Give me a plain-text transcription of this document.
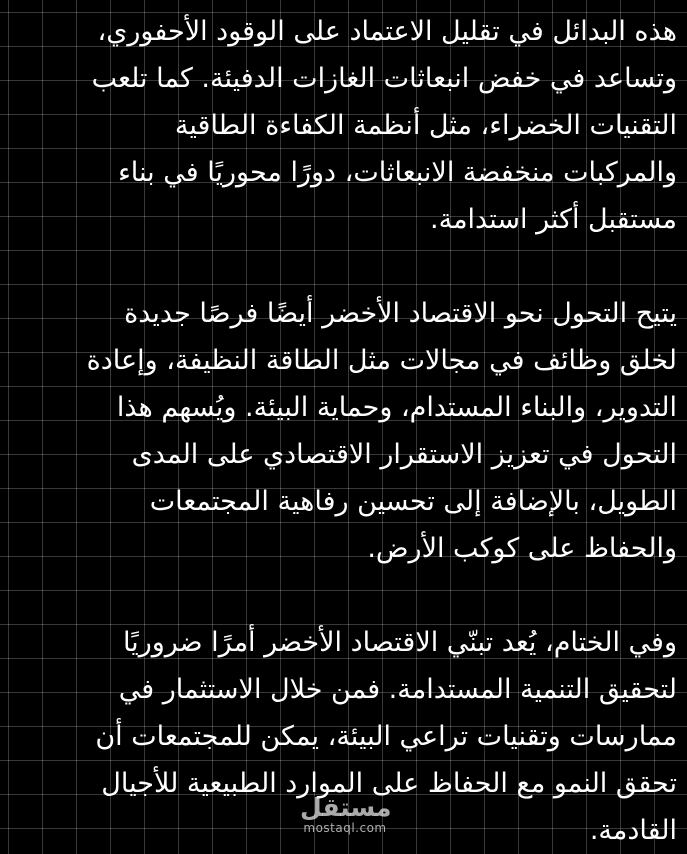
هذه البدائل في تقليل الاعتماد على الوقود الأحفوري،
وتساعد في خفض انبعاثات الغازات الدفيئة. كما تلعب
التقنيات الخضراء، مثل أنظمة الكفاءة الطاقية
والمركبات منخفضة الانبعاثات، دورًا محوريًا في بناء
مستقبل أكثر استدامة.

يتيح التحول نحو الاقتصاد الأخضر أيضًا فرصًا جديدة
لخلق وظائف في مجالات مثل الطاقة النظيفة، وإعادة
التدوير، والبناء المستدام، وحماية البيئة. ويُسهم هذا
التحول في تعزيز الاستقرار الاقتصادي على المدى
الطويل، بالإضافة إلى تحسين رفاهية المجتمعات
والحفاظ على كوكب الأرض.

وفي الختام، يُعد تبنّي الاقتصاد الأخضر أمرًا ضروريًا
لتحقيق التنمية المستدامة. فمن خلال الاستثمار في
ممارسات وتقنيات تراعي البيئة، يمكن للمجتمعات أن
تحقق النمو مع الحفاظ على الموارد الطبيعية للأجيال
القادمة.

مستقل
mostaql.com
